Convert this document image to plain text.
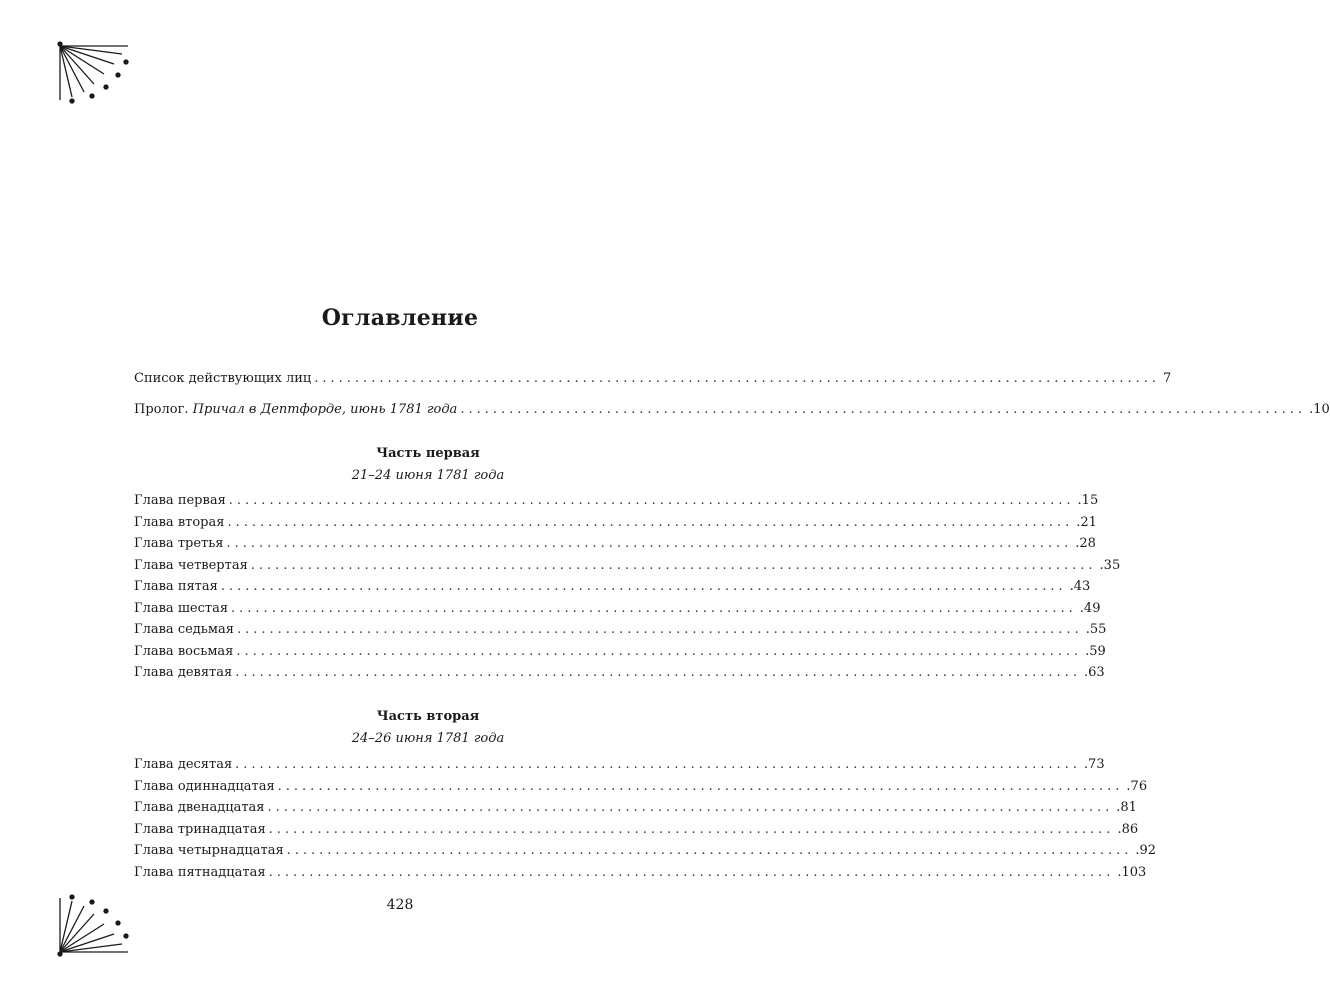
Оглавление
Список действующих лиц ........................................................................................................ 7
Пролог. Причал в Дептфорде, июнь 1781 года ........................................................................................................ .10
Часть первая
21–24 июня 1781 года
Глава первая ........................................................................................................ .15
Глава вторая ........................................................................................................ .21
Глава третья ........................................................................................................ .28
Глава четвертая ........................................................................................................ .35
Глава пятая ........................................................................................................ .43
Глава шестая ........................................................................................................ .49
Глава седьмая ........................................................................................................ .55
Глава восьмая ........................................................................................................ .59
Глава девятая ........................................................................................................ .63
Часть вторая
24–26 июня 1781 года
Глава десятая ........................................................................................................ .73
Глава одиннадцатая ........................................................................................................ .76
Глава двенадцатая ........................................................................................................ .81
Глава тринадцатая ........................................................................................................ .86
Глава четырнадцатая ........................................................................................................ .92
Глава пятнадцатая ........................................................................................................ .103
428
